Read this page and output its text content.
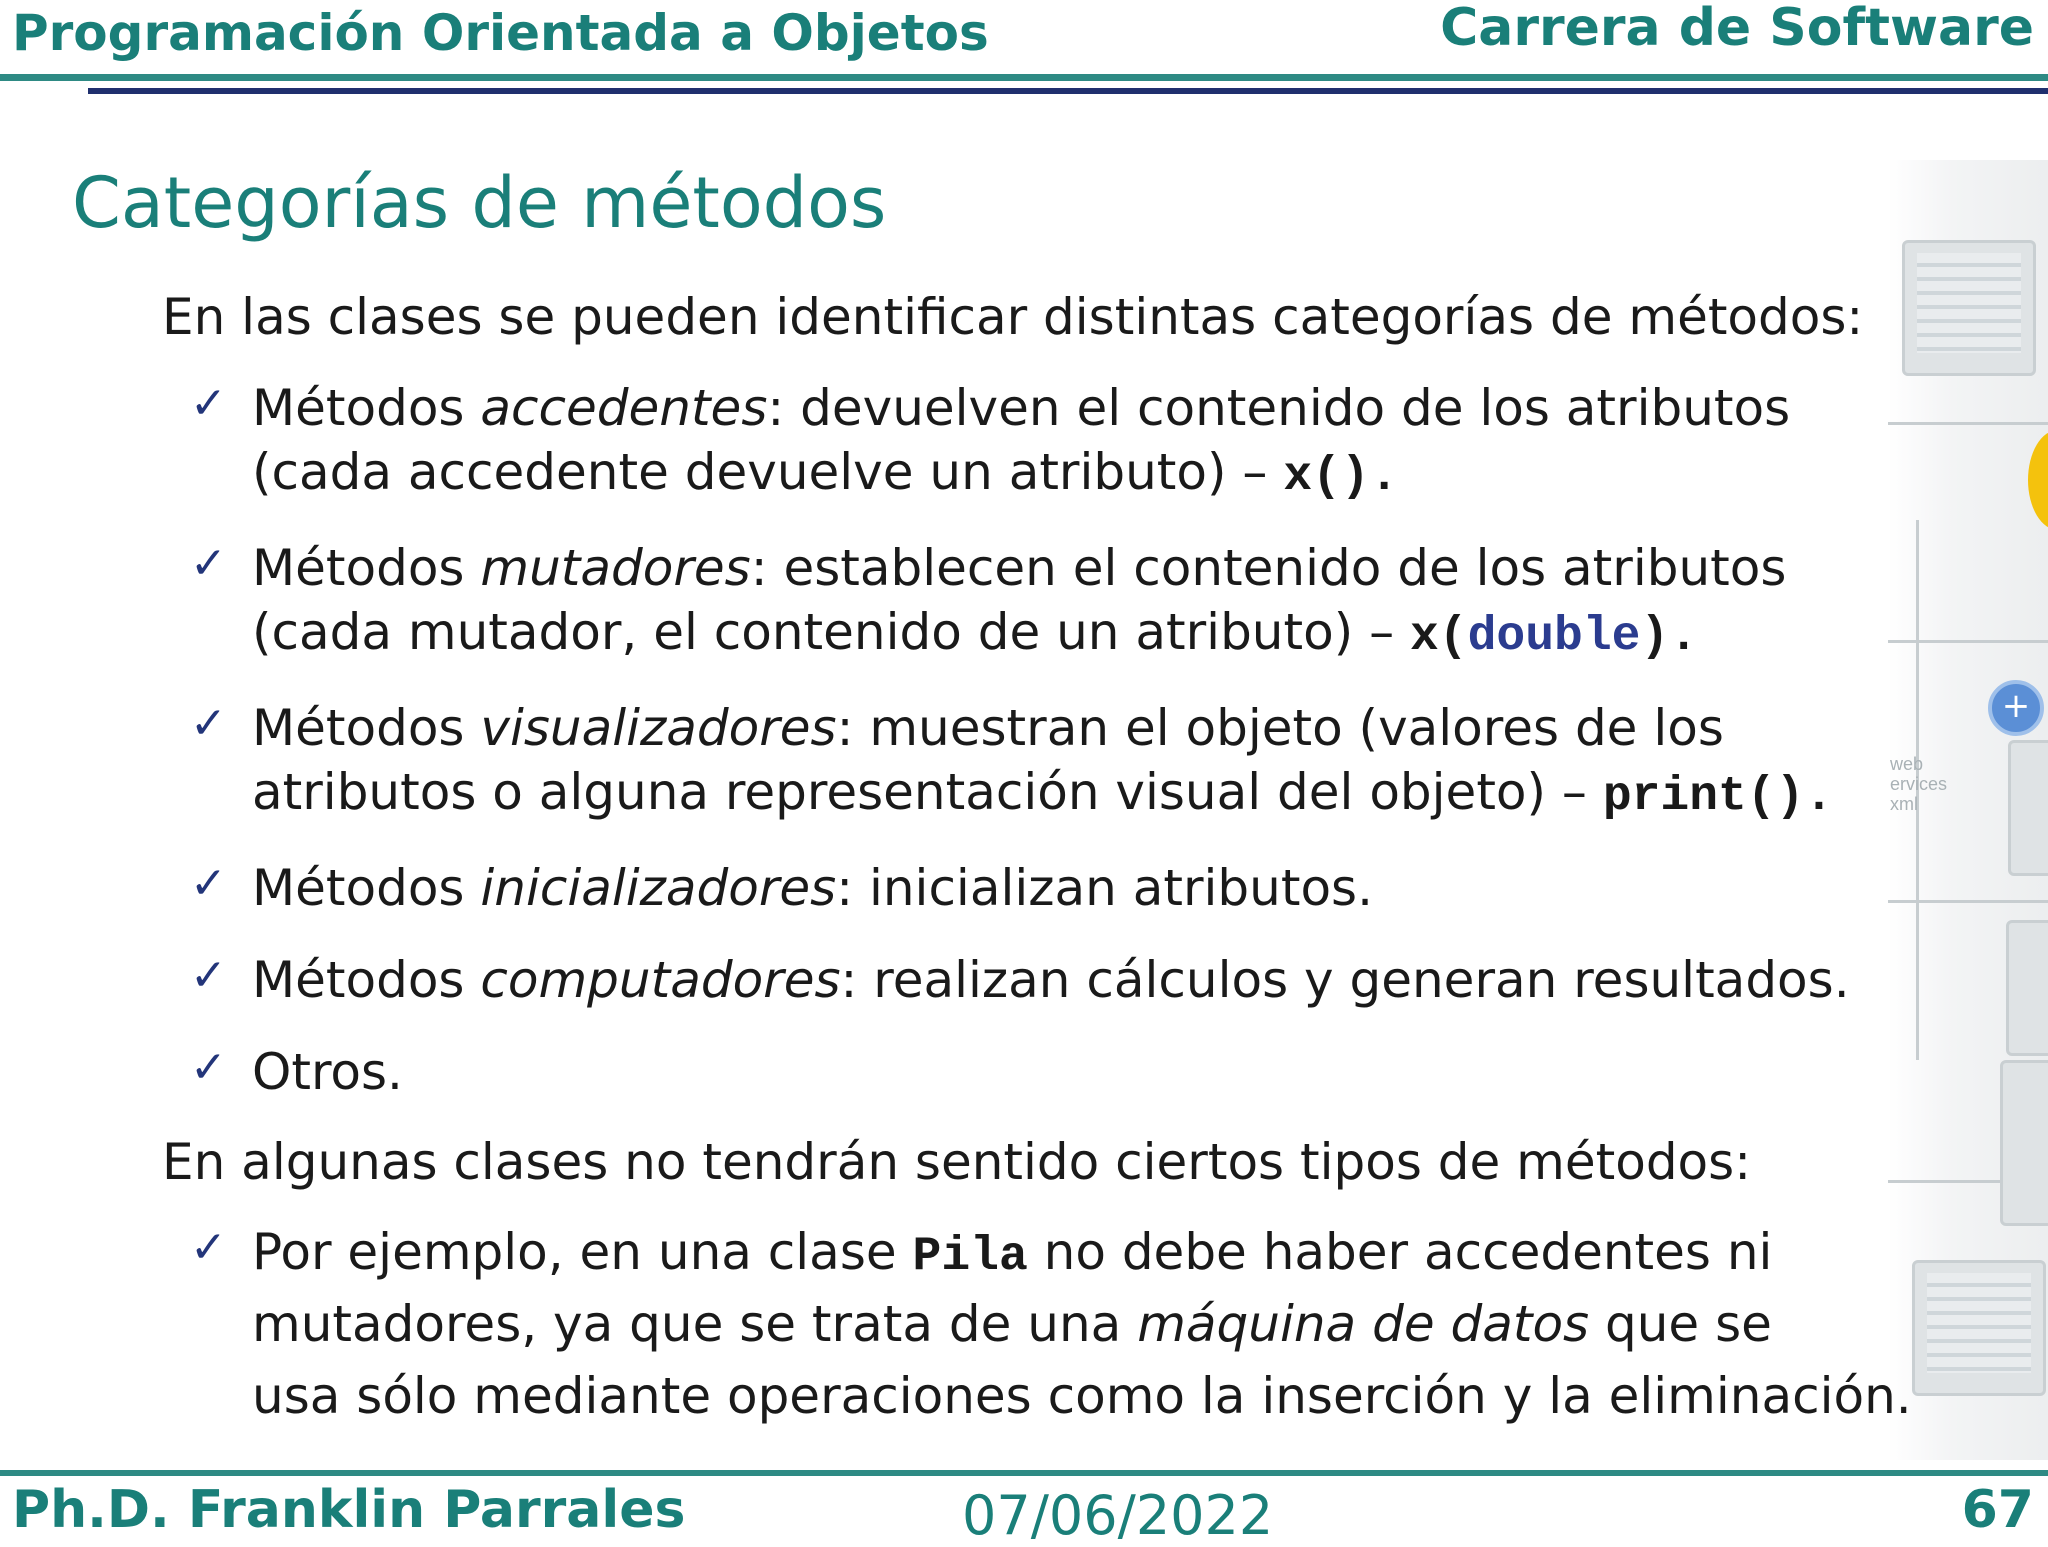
Programación Orientada a Objetos	Carrera de Software
+
web
ervices
xml
Categorías de métodos
En las clases se pueden identificar distintas categorías de métodos:
✓ Métodos accedentes: devuelven el contenido de los atributos
(cada accedente devuelve un atributo) – x().
✓ Métodos mutadores: establecen el contenido de los atributos
(cada mutador, el contenido de un atributo) – x(double).
✓ Métodos visualizadores: muestran el objeto (valores de los
atributos o alguna representación visual del objeto) – print().
✓ Métodos inicializadores: inicializan atributos.
✓ Métodos computadores: realizan cálculos y generan resultados.
✓ Otros.
En algunas clases no tendrán sentido ciertos tipos de métodos:
✓ Por ejemplo, en una clase Pila no debe haber accedentes ni
mutadores, ya que se trata de una máquina de datos que se
usa sólo mediante operaciones como la inserción y la eliminación.
Ph.D. Franklin Parrales	07/06/2022	67
